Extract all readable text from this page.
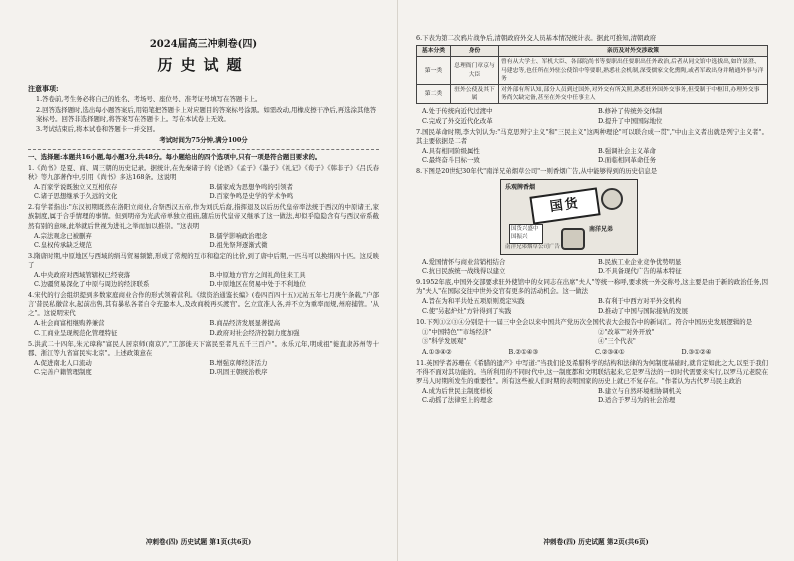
2024届高三冲刺卷(四)
历史试题
注意事项:
1.答卷前,考生务必将自己的姓名、考场号、座位号、准考证号填写在答题卡上。
2.回答选择题时,选出每小题答案后,用铅笔把答题卡上对应题目的答案标号涂黑。如需改动,用橡皮擦干净后,再选涂其他答案标号。回答非选择题时,将答案写在答题卡上。写在本试卷上无效。
3.考试结束后,将本试卷和答题卡一并交回。
考试时间为75分钟,满分100分
一、选择题:本题共16小题,每小题3分,共48分。每小题给出的四个选项中,只有一项是符合题目要求的。
1.《尚书》是夏、商、周三朝的历史记录。据统计,在先秦诸子的《论语》《孟子》《墨子》《礼记》《荀子》《韩非子》《吕氏春秋》等九部著作中,引用《尚书》多达168条。这说明
A.百家学说既独立又互相依存	B.儒家成为思想争鸣的引领者
C.诸子思想继承于久远的文化	D.百家争鸣是史学的学术争鸣
2.有学者指出:"东汉初期既然在洛阳立商业,合祭西汉五帝,作为刘氏后裔,指挥退及以后历代皇帝率法统于西汉的中原诸王,家族制度,属于合乎情理的事情。但到明帝为光武帝单独立祖庙,随后历代皇帝又继承了这一做法,却似乎隐隐含有与西汉帝系截然有别的意味,此举就后世视为进礼之举而加以推崇。"这表明
A.宗法观念已被删弃	B.儒学影响政治理念
C.皇权传承缺乏规范	D.祖先祭拜逐渐式微
3.隋唐时期,中原地区与西域的绢马贸易频繁,形成了常规的互市和稳定的比价,到了唐中后期,一匹马可以换绢四十匹。这反映了
A.中央政府对西域管辖权已经衰落	B.中原地方官方之间礼尚往来工具
C.边疆贸易深化了中原与周边的经济联系	D.中原地区在贸易中处于不利地位
4.宋代的行会组织提到多数家庭商业合作的形式领着营利。《续资治通鉴长编》(卷四百四十五)元祐五年七月庚午条载,"户部言'昔民私徽营水,起前出售,其有暴私各者自令充盈本人,及改商税再买渡官'。乞立宣准人各,并不立为重率而规,州府捕管。'从之"。这说明宋代
A.社会商富相继购养兼营	B.商品经济发展显著提高
C.工商业呈现规范化管理特征	D.政府对社会经济控制力度加强
5.洪武二十四年,朱元璋称"富民人居京师(南京)","工部徙天下富民至者凡五千三百户"。永乐元年,明成祖"徙直隶苏州等十郡、浙江等九省富民实北京"。上述政策意在
A.促进南北人口流动	B.增强京师经济活力
C.完善户籍管理制度	D.巩固王朝统治秩序
冲刺卷(四) 历史试题 第1页(共6页)
6.下表为第二次鸦片战争后,清朝政府外交人员基本情况统计表。据此可推知,清朝政府
基本分类	身份	亲历及对外交涉政策
第一类	总理衙门章京与大臣	曾有从大学士、军机大臣、各部院尚书等要职出任要职出任外政治,后者从同文馆中选拔出,如许景澄、马建忠等,也任所在外驻公使馆中等要职,熟悉社会机制,深受儒家文化熏陶,或者军政出身并精通外事与洋务
第二类	驻外公使及其下属	对外部有所认知,部分人员到过国外,对外交有所关照,熟悉驻外国外交事务,但受制于中枢旧,办理外交事务尚欠缺完备,甚至在外交中任事主人
A.处于传统向近代过渡中	B.修补了传统外交体制
C.完成了外交近代化改革	D.提升了中国国际地位
7.国民革命时期,李大钊认为:"马克思列宁主义"和"三民主义"这两种理论"可以联合成一贯","中山主义者出就是列宁主义者"。其主要依据是二者
A.具有相同阶级属性	B.强调社会主义革命
C.最终奋斗目标一致	D.面临相同革命任务
8.下图是20世纪30年代"南洋兄弟烟草公司"一则香烟广告,从中能够得到的历史信息是
乐观牌香烟
国货
国货兴盛中国振兴
南洋兄弟
南洋兄弟烟草公司广告
A.爱国情怀与商业营销相结合	B.民族工业企业竞争优势明显
C.抗日民族统一战线得以建立	D.不具备现代广告的基本特征
9.1952年底,中国外交部要求驻外使馆中的女同志在出席"夫人"等统一称呼,要求统一外交称号,这主要是由于新的政治任务,因为"夫人"在国际交往中世外交官有更多的活动机会。这一做法
A.旨在为和平共处五项原则奠定实践	B.有利于中西方对平外交机构
C.使"另起炉灶"方针得到了实践	D.推动了中国与国际接轨的发展
10.下列①②③④分别是十一届三中全会以来中国共产党历次全国代表大会报告中的新词汇。符合中国历史发展逻辑的是
①"中国特色""市场经济"	②"改革""对外开放"
③"科学发展观"	④"三个代表"
A.①③④②	B.②①④③	C.②③④①	D.③①②④
11.英国学者苏珊在《希腊的遗产》中写道:"当我们论及希腊科学的结构和法律的为何制度基础时,就肯定如此之大,以至于我们不得不面对其功能的。当所利用的不同时代中,这一制度都和文明联结起来,它是罗马法的一切时代需要来实行,以罗马元老院在罗马人时期所发生的重要性"。所有这些被人们时期的表明国家的历史上就已不复存在。"作者认为古代罗马民主政治
A.成为后世民主制度样板	B.建立与自然环境相协调机关
C.动摇了法律至上的理念	D.适合于罗马为的社会治理
冲刺卷(四) 历史试题 第2页(共6页)
